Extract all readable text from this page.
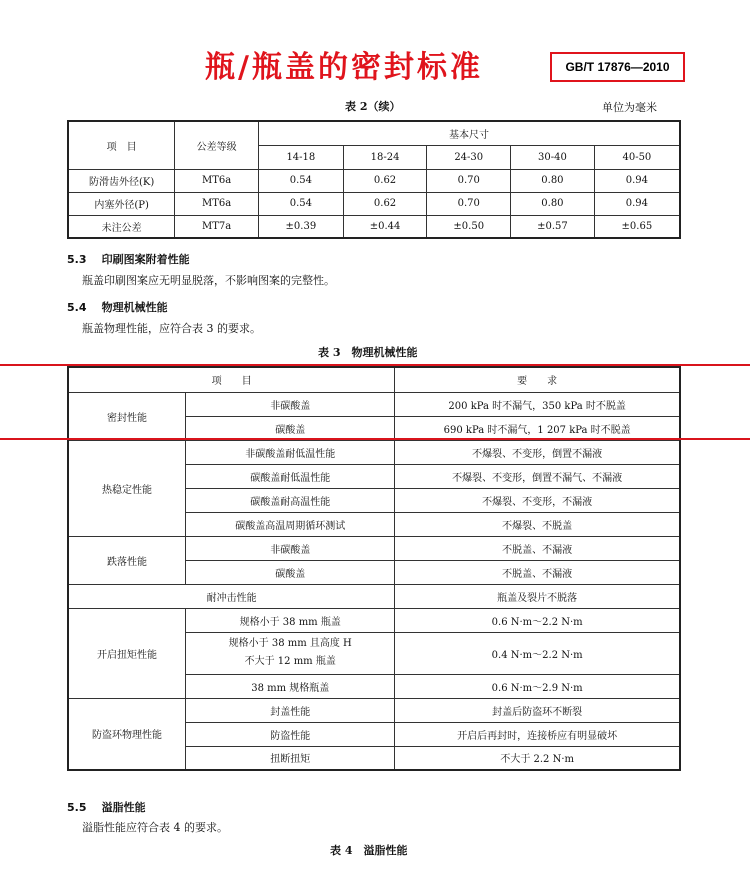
瓶/瓶盖的密封标准	GB/T 17876—2010
表 2（续）	单位为毫米
项　目	公差等级	基本尺寸				
		14-18	18-24	24-30	30-40	40-50
防滑齿外径(K)	MT6a	0.54	0.62	0.70	0.80	0.94
内塞外径(P)	MT6a	0.54	0.62	0.70	0.80	0.94
未注公差	MT7a	±0.39	±0.44	±0.50	±0.57	±0.65
5.3 印刷图案附着性能
瓶盖印刷图案应无明显脱落，不影响图案的完整性。
5.4 物理机械性能
瓶盖物理性能，应符合表 3 的要求。
表 3　物理机械性能
项　　目		要　　求
密封性能	非碳酸盖	200 kPa 时不漏气，350 kPa 时不脱盖
	碳酸盖	690 kPa 时不漏气，1 207 kPa 时不脱盖
热稳定性能	非碳酸盖耐低温性能	不爆裂、不变形，倒置不漏液
	碳酸盖耐低温性能	不爆裂、不变形，倒置不漏气、不漏液
	碳酸盖耐高温性能	不爆裂、不变形，不漏液
	碳酸盖高温周期循环测试	不爆裂、不脱盖
跌落性能	非碳酸盖	不脱盖、不漏液
	碳酸盖	不脱盖、不漏液
耐冲击性能		瓶盖及裂片不脱落
开启扭矩性能	规格小于 38 mm 瓶盖	0.6 N·m～2.2 N·m

	规格小于 38 mm 且高度 H
不大于 12 mm 瓶盖	0.4 N·m～2.2 N·m
	38 mm 规格瓶盖	0.6 N·m～2.9 N·m
防盗环物理性能	封盖性能	封盖后防盗环不断裂
	防盗性能	开启后再封时，连接桥应有明显破坏
	扭断扭矩	不大于 2.2 N·m
5.5 溢脂性能
溢脂性能应符合表 4 的要求。
表 4　溢脂性能
